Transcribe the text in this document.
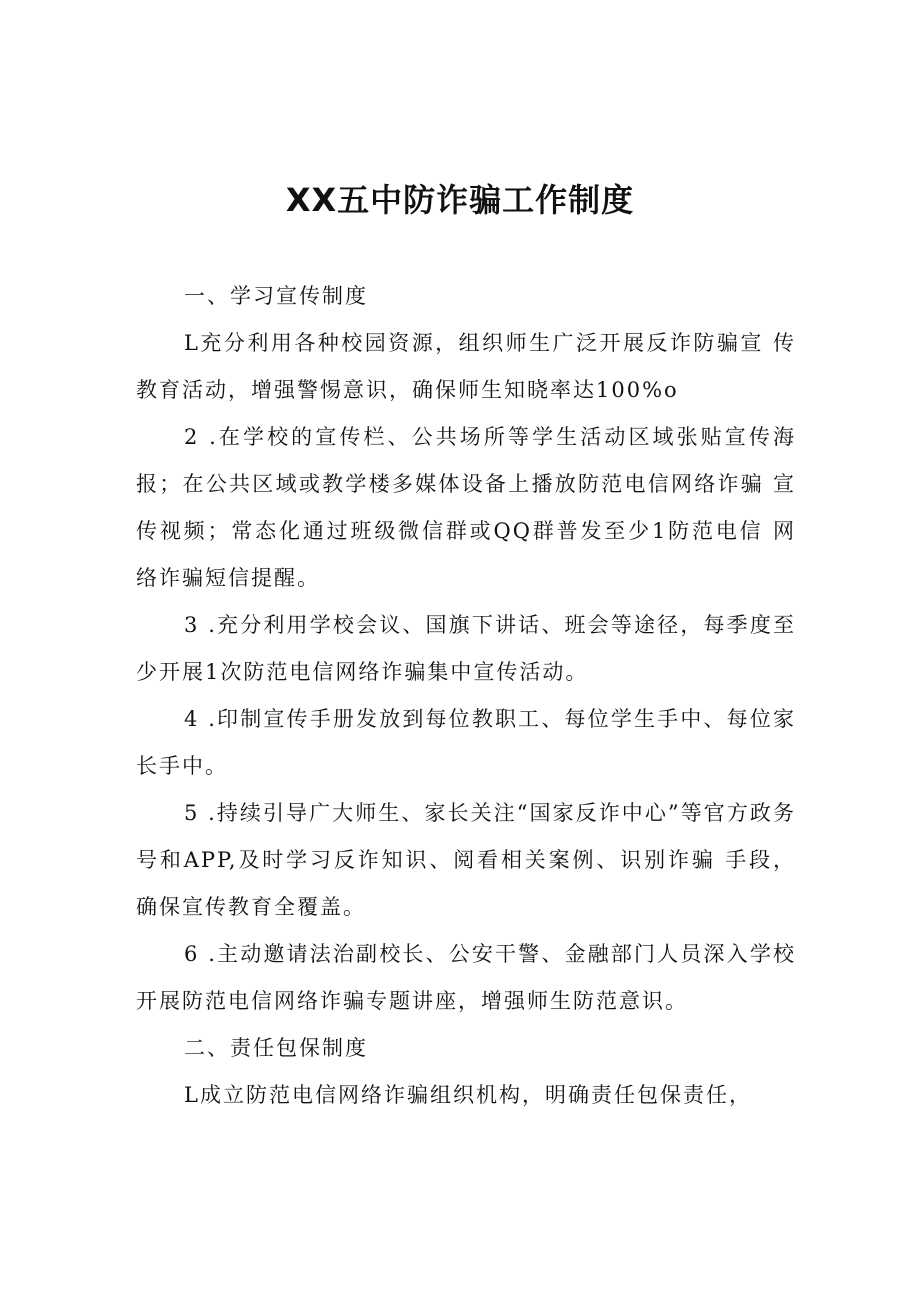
XX五中防诈骗工作制度

一、学习宣传制度

L充分利用各种校园资源，组织师生广泛开展反诈防骗宣 传教育活动，增强警惕意识，确保师生知晓率达100%o

2 .在学校的宣传栏、公共场所等学生活动区域张贴宣传海报；在公共区域或教学楼多媒体设备上播放防范电信网络诈骗 宣传视频；常态化通过班级微信群或QQ群普发至少1防范电信 网络诈骗短信提醒。

3 .充分利用学校会议、国旗下讲话、班会等途径，每季度至少开展1次防范电信网络诈骗集中宣传活动。

4 .印制宣传手册发放到每位教职工、每位学生手中、每位家长手中。

5 .持续引导广大师生、家长关注“国家反诈中心”等官方政务号和APP,及时学习反诈知识、阅看相关案例、识别诈骗 手段，确保宣传教育全覆盖。

6 .主动邀请法治副校长、公安干警、金融部门人员深入学校开展防范电信网络诈骗专题讲座，增强师生防范意识。

二、责任包保制度

L成立防范电信网络诈骗组织机构，明确责任包保责任，
